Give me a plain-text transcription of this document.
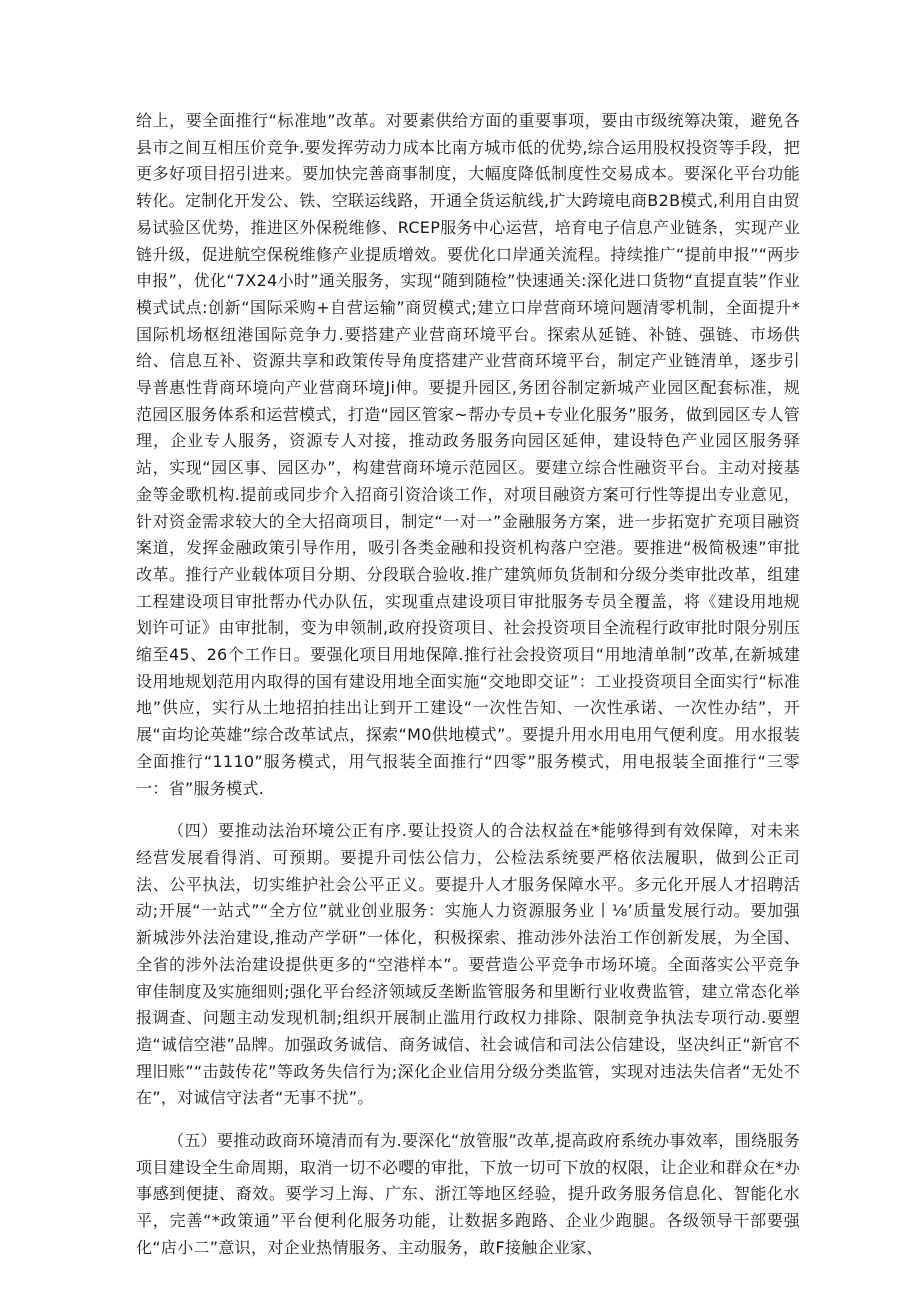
给上，要全面推行“标准地”改革。对要素供给方面的重要事项，要由市级统筹决策，避免各县市之间互相压价竞争.要发挥劳动力成本比南方城市低的优势,综合运用股权投资等手段，把更多好项目招引进来。要加快完善商事制度，大幅度降低制度性交易成本。要深化平台功能转化。定制化开发公、铁、空联运线路，开通全货运航线,扩大跨境电商B2B模式,利用自由贸易试验区优势，推进区外保税维修、RCEP服务中心运营，培育电子信息产业链条，实现产业链升级，促进航空保税维修产业提质增效。要优化口岸通关流程。持续推广“提前申报”“两步申报”，优化“7X24小时”通关服务，实现“随到随检”快速通关:深化进口货物“直提直装”作业模式试点:创新“国际采购+自营运输”商贸模式;建立口岸营商环境问题清零机制，全面提升*国际机场枢纽港国际竞争力.要搭建产业营商环境平台。探索从延链、补链、强链、市场供给、信息互补、资源共享和政策传导角度搭建产业营商环境平台，制定产业链清单，逐步引导普惠性背商环境向产业营商环境Ji伸。要提升园区,务团谷制定新城产业园区配套标准，规范园区服务体系和运营模式，打造“园区管家~帮办专员+专业化服务”服务，做到园区专人管理，企业专人服务，资源专人对接，推动政务服务向园区延伸，建设特色产业园区服务驿站，实现“园区事、园区办”，构建营商环境示范园区。要建立综合性融资平台。主动对接基金等金歌机构.提前或同步介入招商引资洽谈工作，对项目融资方案可行性等提出专业意见，针对资金需求较大的全大招商项目，制定“一对一”金融服务方案，进一步拓宽扩充项目融资案道，发挥金融政策引导作用，吸引各类金融和投资机构落户空港。要推进“极简极速”审批改革。推行产业载体项目分期、分段联合验收.推广建筑师负货制和分级分类审批改革，组建工程建设项目审批帮办代办队伍，实现重点建设项目审批服务专员全覆盖，将《建设用地规划许可证》由审批制，变为申领制,政府投资项目、社会投资项目全流程行政审批时限分别压缩至45、26个工作日。要强化项目用地保障.推行社会投资项目“用地清单制”改革,在新城建设用地规划范用内取得的国有建设用地全面实施“交地即交证”：工业投资项目全面实行“标准地”供应，实行从土地招拍挂出让到开工建设“一次性告知、一次性承诺、一次性办结”，开展“亩均论英雄”综合改革试点，探索“M0供地模式”。要提升用水用电用气便利度。用水报装全面推行“1110”服务模式，用气报装全面推行“四零”服务模式，用电报装全面推行“三零一：省”服务模式.

（四）要推动法治环境公正有序.要让投资人的合法权益在*能够得到有效保障，对未来经营发展看得消、可预期。要提升司怯公信力，公检法系统要严格依法履职，做到公正司法、公平执法，切实维护社会公平正义。要提升人才服务保障水平。多元化开展人才招聘活动;开展“一站式”“全方位”就业创业服务：实施人力资源服务业丨⅛’质量发展行动。要加强新城涉外法治建设,推动产学研”一体化，积极探索、推动涉外法治工作创新发展，为全国、全省的涉外法治建设提供更多的“空港样本”。要营造公平竞争市场环境。全面落实公平竞争审佳制度及实施细则;强化平台经济领域反垄断监管服务和里断行业收费监管，建立常态化举报调查、问题主动发现机制;组织开展制止滥用行政权力排除、限制竞争执法专项行动.要塑造“诚信空港”品牌。加强政务诚信、商务诚信、社会诚信和司法公信建设，坚决纠正“新官不理旧账”“击鼓传花”等政务失信行为;深化企业信用分级分类监管，实现对违法失信者“无处不在”，对诚信守法者“无事不扰”。

（五）要推动政商环境清而有为.要深化“放管服”改革,提高政府系统办事效率，围绕服务项目建设全生命周期，取消一切不必嘤的审批，下放一切可下放的权限，让企业和群众在*办事感到便捷、裔效。要学习上海、广东、浙江等地区经验，提升政务服务信息化、智能化水平，完善“*政策通”平台便利化服务功能，让数据多跑路、企业少跑腿。各级领导干部要强化“店小二”意识，对企业热情服务、主动服务，敢F接触企业家、
